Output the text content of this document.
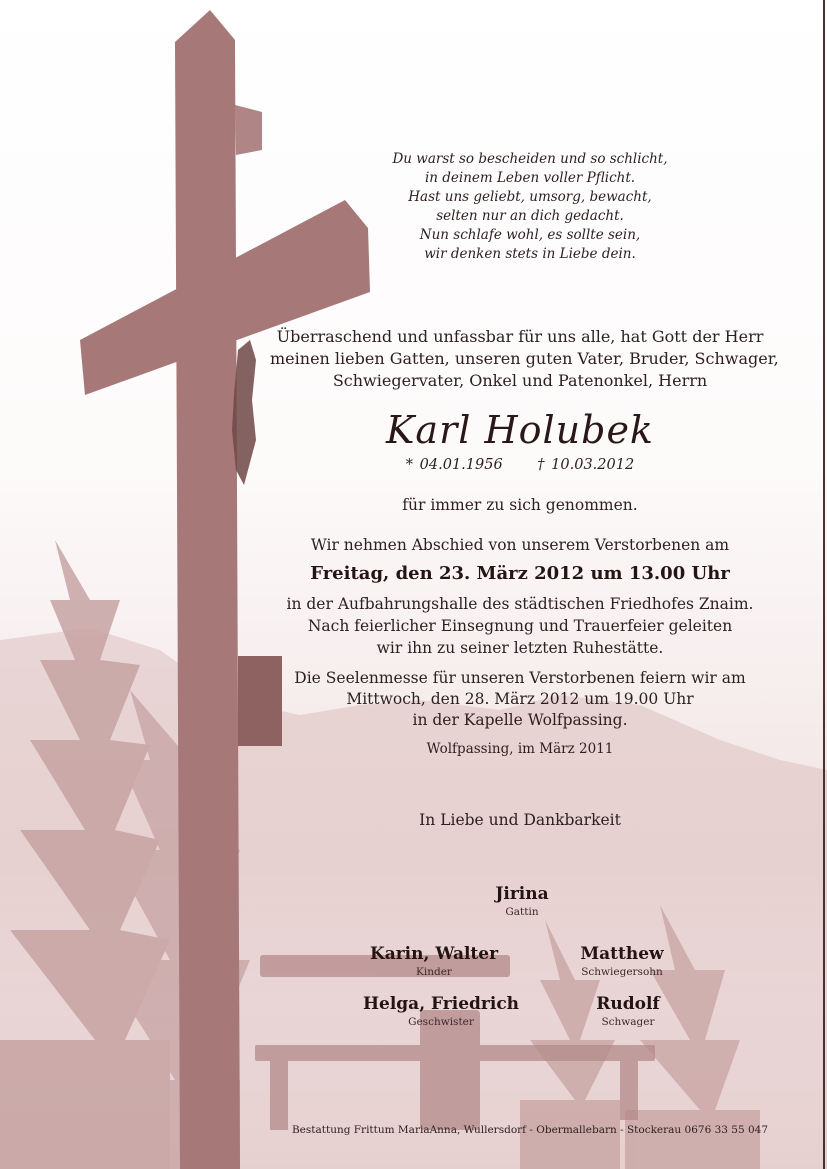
Du warst so bescheiden und so schlicht,
in deinem Leben voller Pflicht.
Hast uns geliebt, umsorg, bewacht,
selten nur an dich gedacht.
Nun schlafe wohl, es sollte sein,
wir denken stets in Liebe dein.
Überraschend und unfassbar für uns alle, hat Gott der Herr
meinen lieben Gatten, unseren guten Vater, Bruder, Schwager,
Schwiegervater, Onkel und Patenonkel, Herrn
Karl Holubek
* 04.01.1956 † 10.03.2012
für immer zu sich genommen.
Wir nehmen Abschied von unserem Verstorbenen am
Freitag, den 23. März 2012 um 13.00 Uhr
in der Aufbahrungshalle des städtischen Friedhofes Znaim.
Nach feierlicher Einsegnung und Trauerfeier geleiten
wir ihn zu seiner letzten Ruhestätte.
Die Seelenmesse für unseren Verstorbenen feiern wir am
Mittwoch, den 28. März 2012 um 19.00 Uhr
in der Kapelle Wolfpassing.
Wolfpassing, im März 2011
In Liebe und Dankbarkeit
Jirina
Gattin
Karin, Walter
Kinder
Matthew
Schwiegersohn
Helga, Friedrich
Geschwister
Rudolf
Schwager
Bestattung Frittum MariaAnna, Wullersdorf - Obermallebarn - Stockerau 0676 33 55 047
